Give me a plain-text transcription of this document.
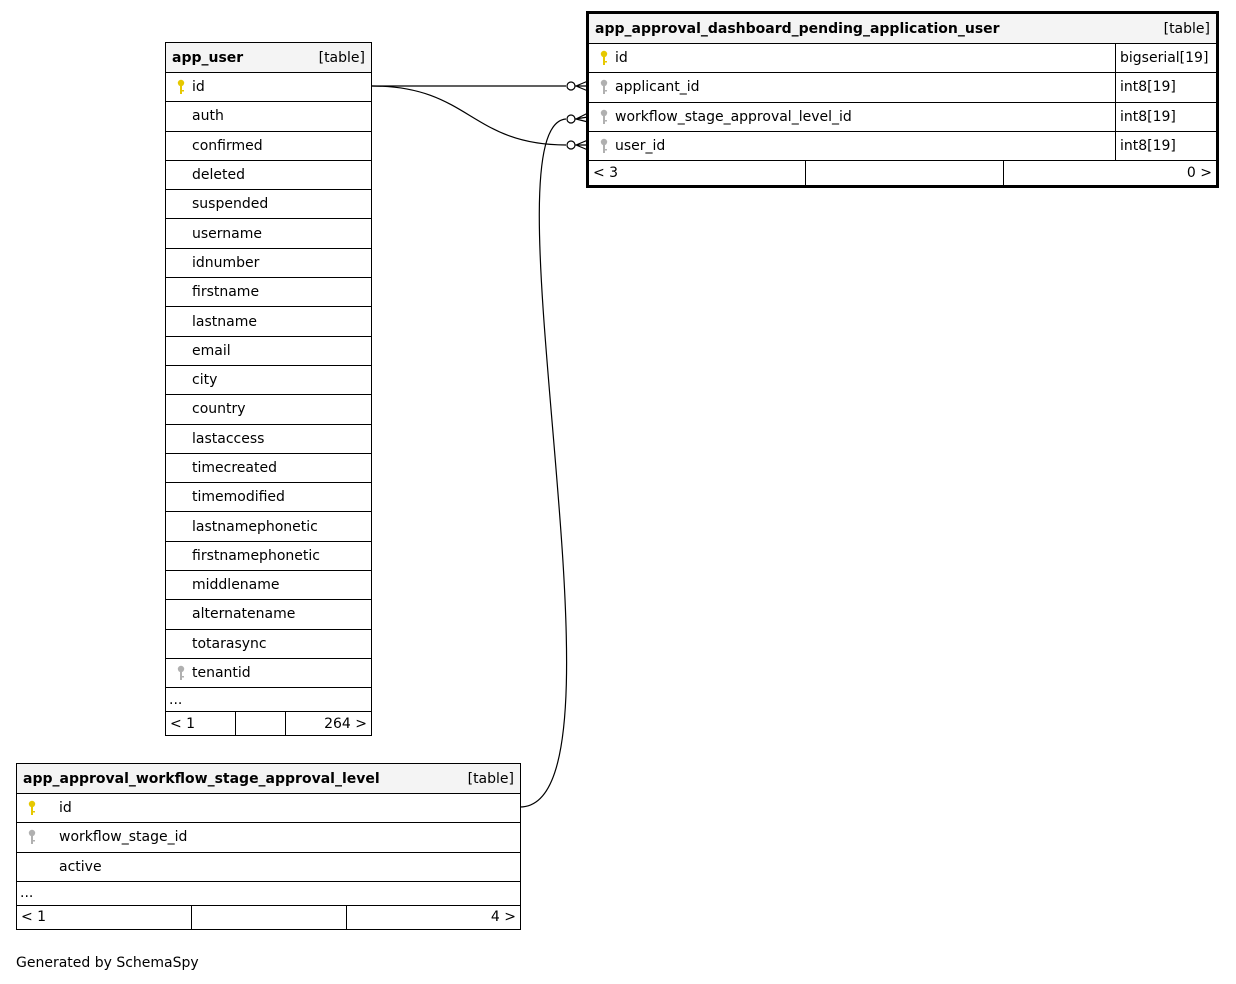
app_user	[table]
id
auth
confirmed
deleted
suspended
username
idnumber
firstname
lastname
email
city
country
lastaccess
timecreated
timemodified
lastnamephonetic
firstnamephonetic
middlename
alternatename
totarasync
tenantid
...
< 1	264 >
app_approval_dashboard_pending_application_user	[table]
id	bigserial[19]
applicant_id	int8[19]
workflow_stage_approval_level_id	int8[19]
user_id	int8[19]
< 3	0 >
app_approval_workflow_stage_approval_level	[table]
id
workflow_stage_id
active
...
< 1	4 >
Generated by SchemaSpy
